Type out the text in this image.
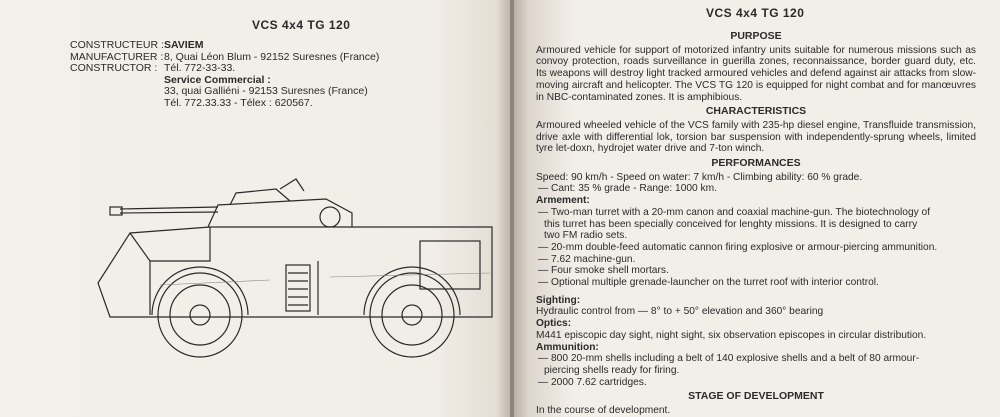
VCS 4x4 TG 120
CONSTRUCTEUR :
MANUFACTURER :
CONSTRUCTOR :
SAVIEM
8, Quai Léon Blum - 92152 Suresnes (France)
Tél. 772-33-33.
Service Commercial :
33, quai Galliéni - 92153 Suresnes (France)
Tél. 772.33.33 - Télex : 620567.
VCS 4x4 TG 120
PURPOSE
Armoured vehicle for support of motorized infantry units suitable for numerous missions such as convoy protection, roads surveillance in guerilla zones, reconnaissance, border guard duty, etc. Its weapons will destroy light tracked armoured vehicles and defend against air attacks from slow-moving aircraft and helicopter. The VCS TG 120 is equipped for night combat and for manœuvres in NBC-contaminated zones. It is amphibious.
CHARACTERISTICS
Armoured wheeled vehicle of the VCS family with 235-hp diesel engine, Transfluide transmission, drive axle with differential lok, torsion bar suspension with independently-sprung wheels, limited tyre let-doxn, hydrojet water drive and 7-ton winch.
PERFORMANCES
Speed: 90 km/h - Speed on water: 7 km/h - Climbing ability: 60 % grade.
— Cant: 35 % grade - Range: 1000 km.
Armement:
— Two-man turret with a 20-mm canon and coaxial machine-gun. The biotechnology of
this turret has been specially conceived for lenghty missions. It is designed to carry
two FM radio sets.
— 20-mm double-feed automatic cannon firing explosive or armour-piercing ammunition.
— 7.62 machine-gun.
— Four smoke shell mortars.
— Optional multiple grenade-launcher on the turret roof with interior control.
Sighting:
Hydraulic control from — 8° to + 50° elevation and 360° bearing
Optics:
M441 episcopic day sight, night sight, six observation episcopes in circular distribution.
Ammunition:
— 800 20-mm shells including a belt of 140 explosive shells and a belt of 80 armour-
piercing shells ready for firing.
— 2000 7.62 cartridges.
STAGE OF DEVELOPMENT
In the course of development.
